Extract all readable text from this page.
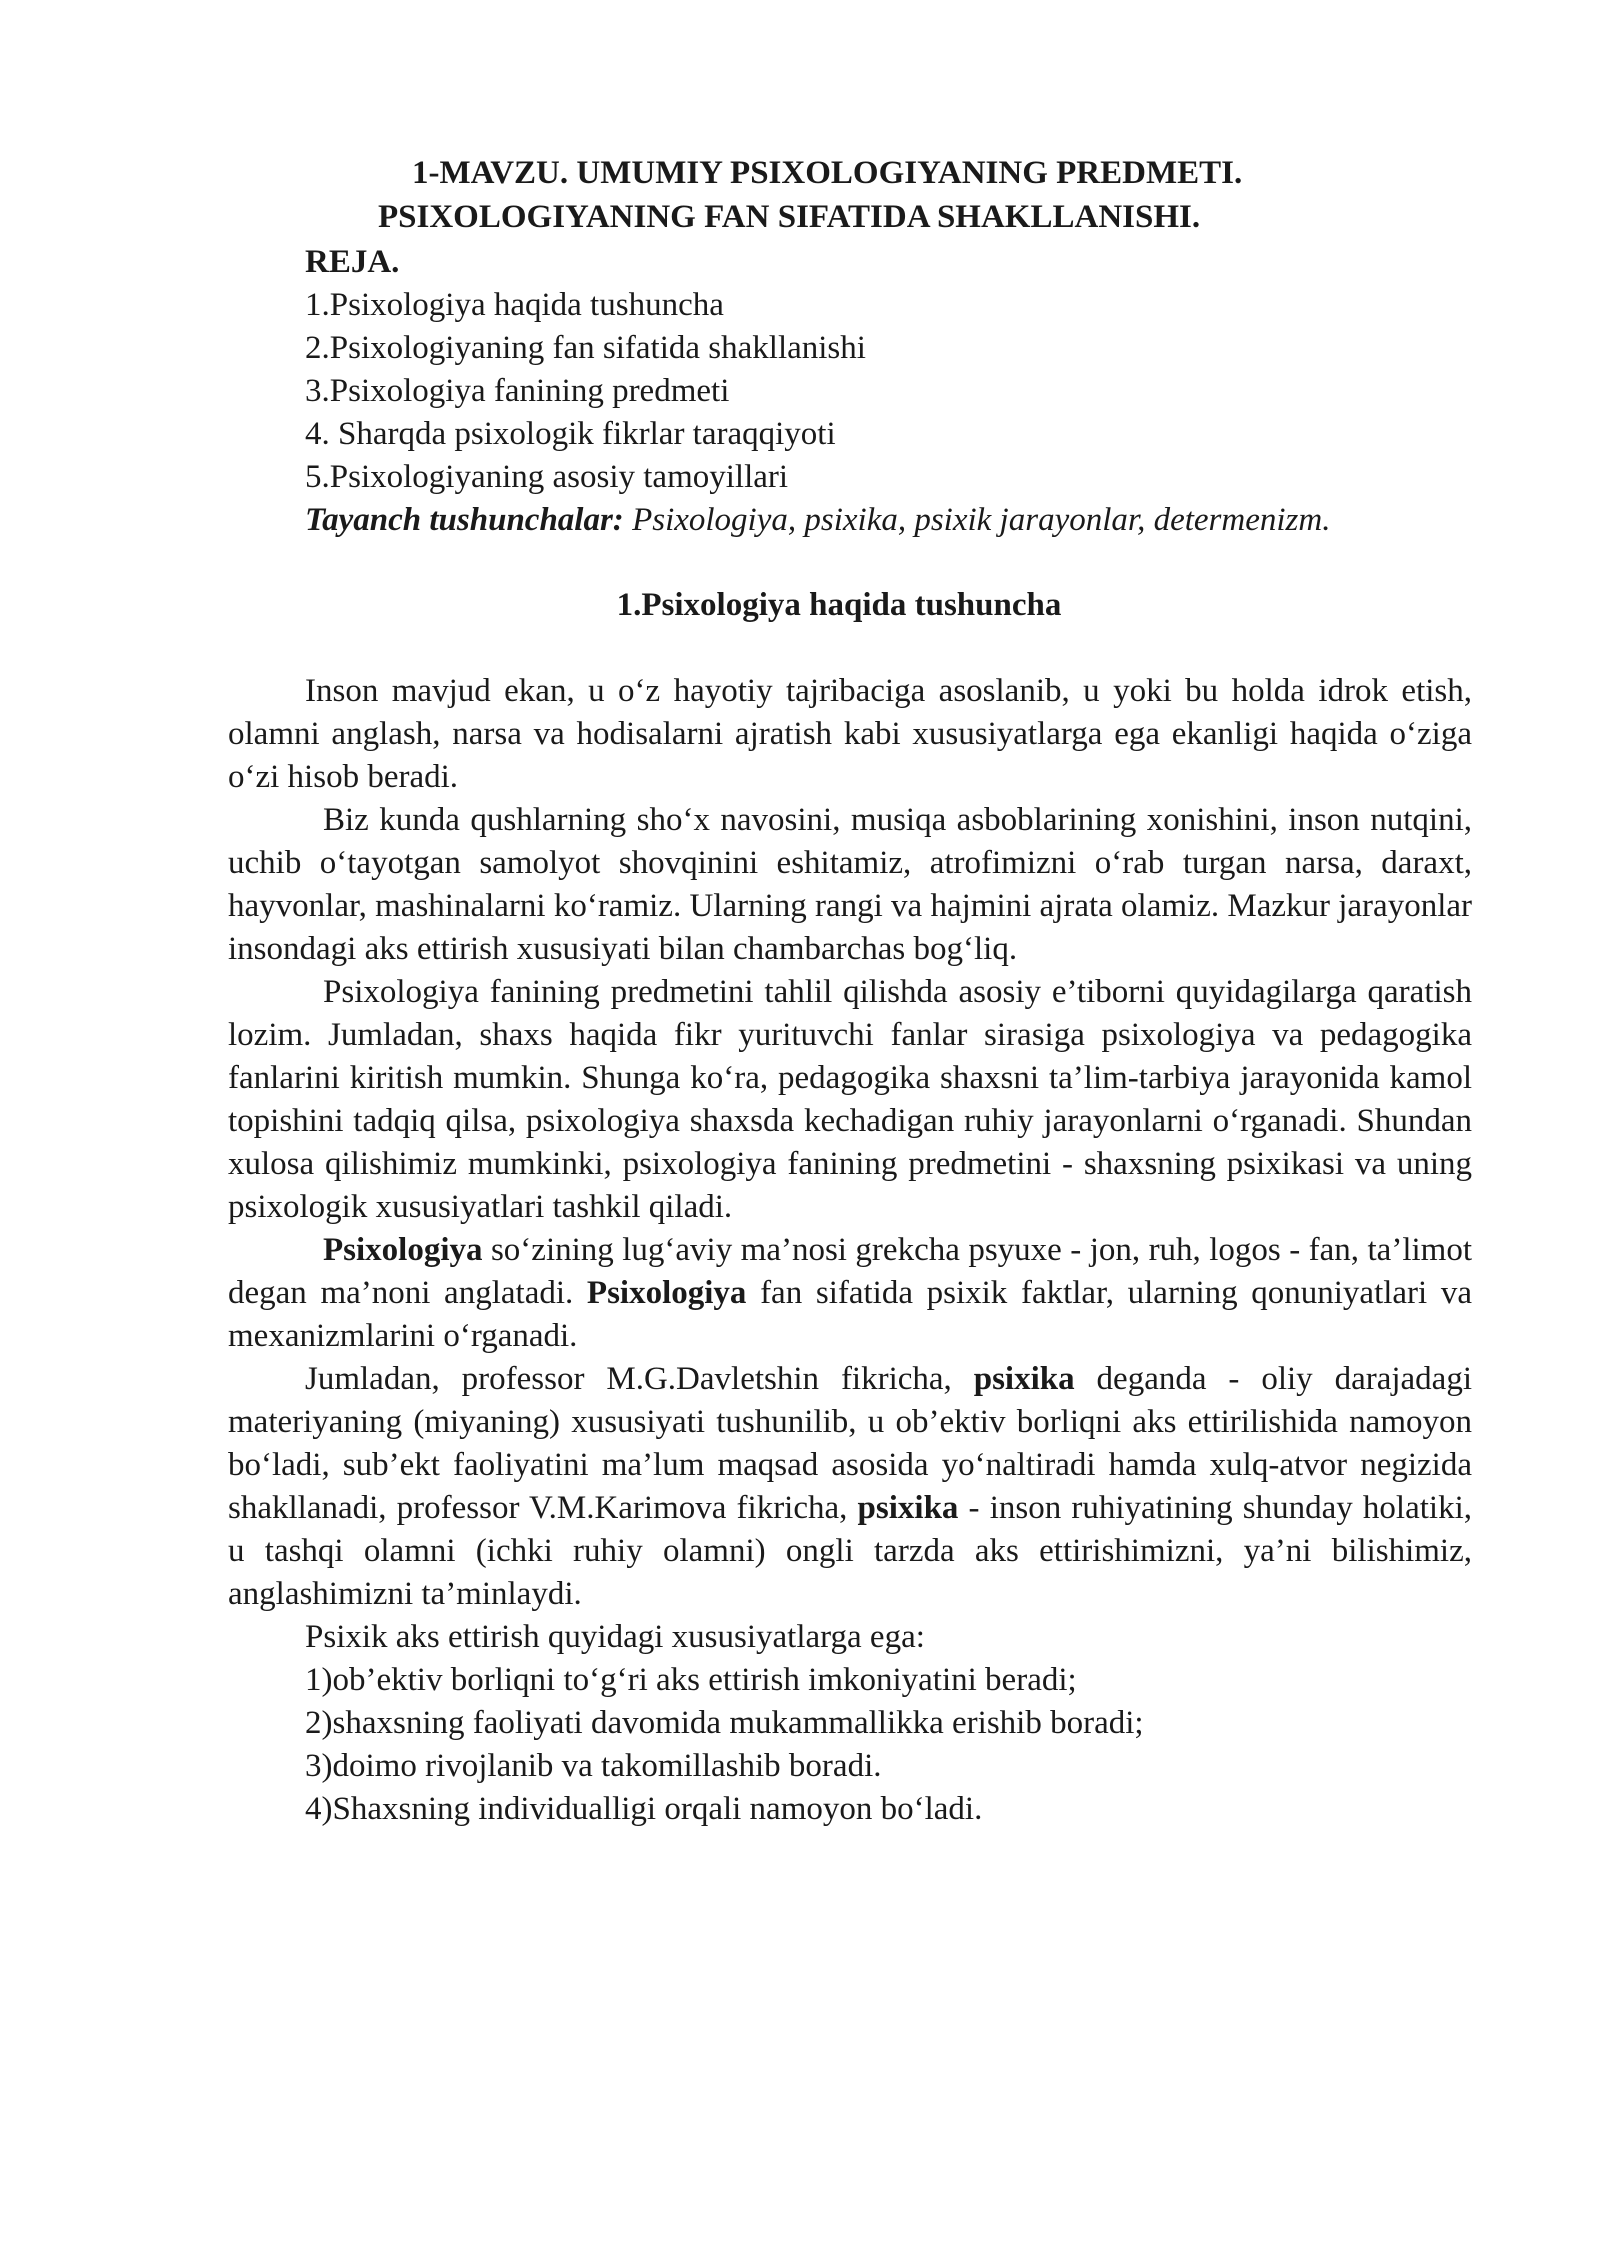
1-MAVZU. UMUMIY PSIXOLOGIYANING PREDMETI.
PSIXOLOGIYANING FAN SIFATIDA SHAKLLANISHI.
REJA.
1.Psixologiya haqida tushuncha
2.Psixologiyaning fan sifatida shakllanishi
3.Psixologiya fanining predmeti
4. Sharqda psixologik fikrlar taraqqiyoti
5.Psixologiyaning asosiy tamoyillari
Tayanch tushunchalar: Psixologiya, psixika, psixik jarayonlar, determenizm.
1.Psixologiya haqida tushuncha

Inson mavjud ekan, u o‘z hayotiy tajribaciga asoslanib, u yoki bu holda idrok etish, olamni anglash, narsa va hodisalarni ajratish kabi xususiyatlarga ega ekanligi haqida o‘ziga o‘zi hisob beradi.

Biz kunda qushlarning sho‘x navosini, musiqa asboblarining xonishini, inson nutqini, uchib o‘tayotgan samolyot shovqinini eshitamiz, atrofimizni o‘rab turgan narsa, daraxt, hayvonlar, mashinalarni ko‘ramiz. Ularning rangi va hajmini ajrata olamiz. Mazkur jarayonlar insondagi aks ettirish xususiyati bilan chambarchas bog‘liq.

Psixologiya fanining predmetini tahlil qilishda asosiy e’tiborni quyidagilarga qaratish lozim. Jumladan, shaxs haqida fikr yurituvchi fanlar sirasiga psixologiya va pedagogika fanlarini kiritish mumkin. Shunga ko‘ra, pedagogika shaxsni ta’lim-tarbiya jarayonida kamol topishini tadqiq qilsa, psixologiya shaxsda kechadigan ruhiy jarayonlarni o‘rganadi. Shundan xulosa qilishimiz mumkinki, psixologiya fanining predmetini - shaxsning psixikasi va uning psixologik xususiyatlari tashkil qiladi.

Psixologiya so‘zining lug‘aviy ma’nosi grekcha psyuxe - jon, ruh, logos - fan, ta’limot degan ma’noni anglatadi. Psixologiya fan sifatida psixik faktlar, ularning qonuniyatlari va mexanizmlarini o‘rganadi.

Jumladan, professor M.G.Davletshin fikricha, psixika deganda - oliy darajadagi materiyaning (miyaning) xususiyati tushunilib, u ob’ektiv borliqni aks ettirilishida namoyon bo‘ladi, sub’ekt faoliyatini ma’lum maqsad asosida yo‘naltiradi hamda xulq-atvor negizida shakllanadi, professor V.M.Karimova fikricha, psixika - inson ruhiyatining shunday holatiki, u tashqi olamni (ichki ruhiy olamni) ongli tarzda aks ettirishimizni, ya’ni bilishimiz, anglashimizni ta’minlaydi.

Psixik aks ettirish quyidagi xususiyatlarga ega:

1)ob’ektiv borliqni to‘g‘ri aks ettirish imkoniyatini beradi;
2)shaxsning faoliyati davomida mukammallikka erishib boradi;
3)doimo rivojlanib va takomillashib boradi.
4)Shaxsning individualligi orqali namoyon bo‘ladi.
